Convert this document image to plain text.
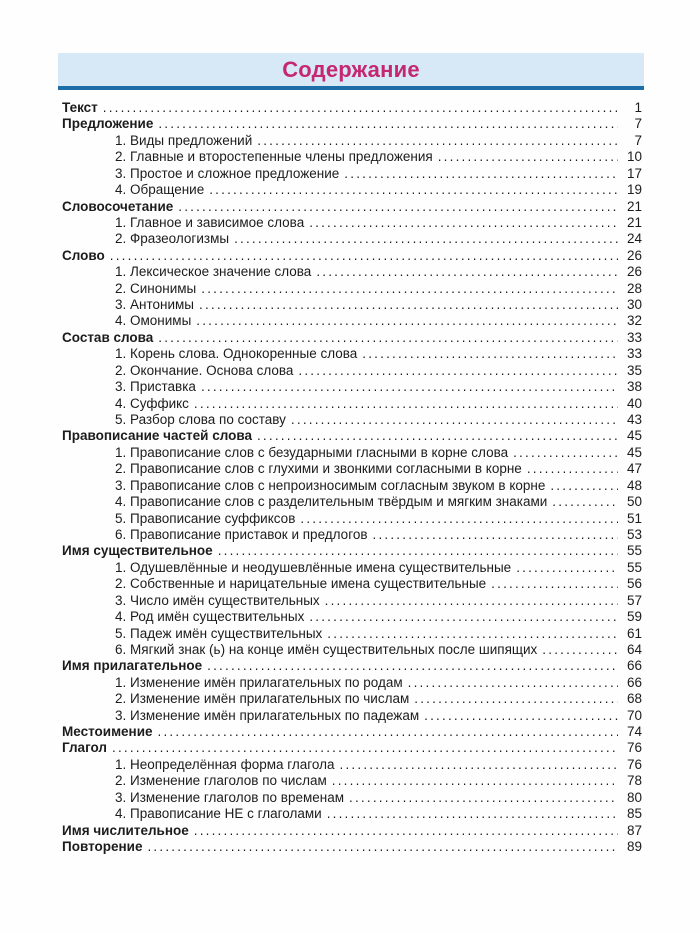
Содержание
Текст .....	1
Предложение .....	7
1. Виды предложений .....	7
2. Главные и второстепенные члены предложения .....	10
3. Простое и сложное предложение .....	17
4. Обращение .....	19
Словосочетание .....	21
1. Главное и зависимое слова .....	21
2. Фразеологизмы .....	24
Слово .....	26
1. Лексическое значение слова .....	26
2. Синонимы .....	28
3. Антонимы .....	30
4. Омонимы .....	32
Состав слова .....	33
1. Корень слова. Однокоренные слова .....	33
2. Окончание. Основа слова .....	35
3. Приставка .....	38
4. Суффикс .....	40
5. Разбор слова по составу .....	43
Правописание частей слова .....	45
1. Правописание слов с безударными гласными в корне слова .....	45
2. Правописание слов с глухими и звонкими согласными в корне .....	47
3. Правописание слов с непроизносимым согласным звуком в корне .....	48
4. Правописание слов с разделительным твёрдым и мягким знаками .....	50
5. Правописание суффиксов .....	51
6. Правописание приставок и предлогов .....	53
Имя существительное .....	55
1. Одушевлённые и неодушевлённые имена существительные .....	55
2. Собственные и нарицательные имена существительные .....	56
3. Число имён существительных .....	57
4. Род имён существительных .....	59
5. Падеж имён существительных .....	61
6. Мягкий знак (ь) на конце имён существительных после шипящих .....	64
Имя прилагательное .....	66
1. Изменение имён прилагательных по родам .....	66
2. Изменение имён прилагательных по числам .....	68
3. Изменение имён прилагательных по падежам .....	70
Местоимение .....	74
Глагол .....	76
1. Неопределённая форма глагола .....	76
2. Изменение глаголов по числам .....	78
3. Изменение глаголов по временам .....	80
4. Правописание НЕ с глаголами .....	85
Имя числительное .....	87
Повторение .....	89
